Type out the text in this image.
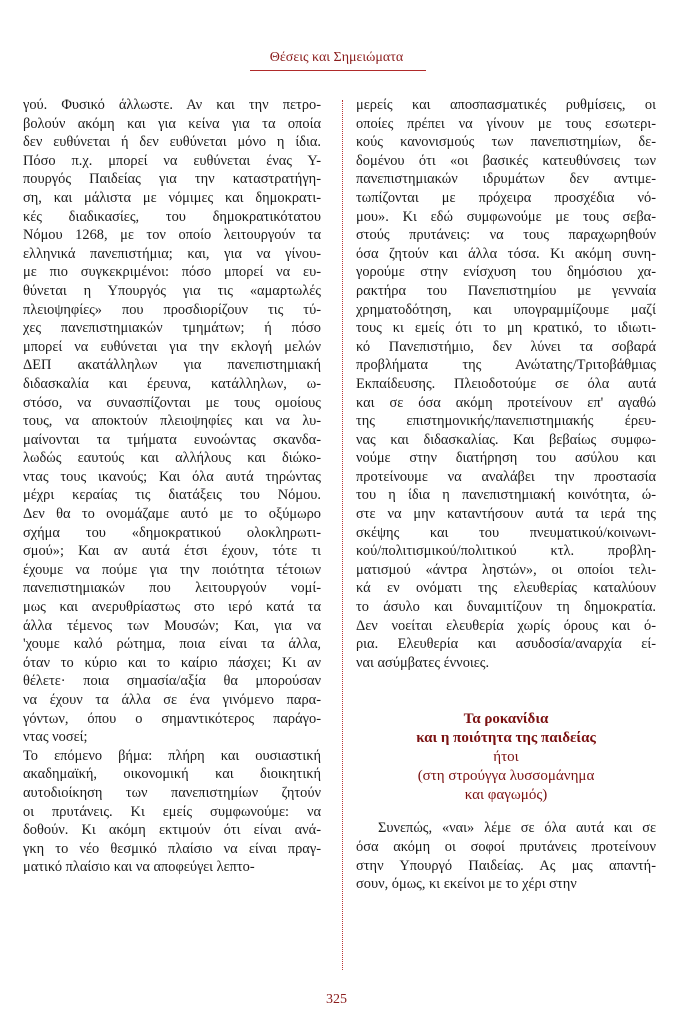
Θέσεις και Σημειώματα
γού. Φυσικό άλλωστε. Αν και την πετρο-
βολούν ακόμη και για κείνα για τα οποία
δεν ευθύνεται ή δεν ευθύνεται μόνο η ίδια.
Πόσο π.χ. μπορεί να ευθύνεται ένας Υ-
πουργός Παιδείας για την καταστρατήγη-
ση, και μάλιστα με νόμιμες και δημοκρατι-
κές διαδικασίες, του δημοκρατικότατου
Νόμου 1268, με τον οποίο λειτουργούν τα
ελληνικά πανεπιστήμια; και, για να γίνου-
με πιο συγκεκριμένοι: πόσο μπορεί να ευ-
θύνεται η Υπουργός για τις «αμαρτωλές
πλειοψηφίες» που προσδιορίζουν τις τύ-
χες πανεπιστημιακών τμημάτων; ή πόσο
μπορεί να ευθύνεται για την εκλογή μελών
ΔΕΠ ακατάλληλων για πανεπιστημιακή
διδασκαλία και έρευνα, κατάλληλων, ω-
στόσο, να συνασπίζονται με τους ομοίους
τους, να αποκτούν πλειοψηφίες και να λυ-
μαίνονται τα τμήματα ευνοώντας σκανδα-
λωδώς εαυτούς και αλλήλους και διώκο-
ντας τους ικανούς; Και όλα αυτά τηρώντας
μέχρι κεραίας τις διατάξεις του Νόμου.
Δεν θα το ονομάζαμε αυτό με το οξύμωρο
σχήμα του «δημοκρατικού ολοκληρωτι-
σμού»; Και αν αυτά έτσι έχουν, τότε τι
έχουμε να πούμε για την ποιότητα τέτοιων
πανεπιστημιακών που λειτουργούν νομί-
μως και ανερυθρίαστως στο ιερό κατά τα
άλλα τέμενος των Μουσών; Και, για να
'χουμε καλό ρώτημα, ποια είναι τα άλλα,
όταν το κύριο και το καίριο πάσχει; Κι αν
θέλετε· ποια σημασία/αξία θα μπορούσαν
να έχουν τα άλλα σε ένα γινόμενο παρα-
γόντων, όπου ο σημαντικότερος παράγο-
ντας νοσεί;
Το επόμενο βήμα: πλήρη και ουσιαστική
ακαδημαϊκή, οικονομική και διοικητική
αυτοδιοίκηση των πανεπιστημίων ζητούν
οι πρυτάνεις. Κι εμείς συμφωνούμε: να
δοθούν. Κι ακόμη εκτιμούν ότι είναι ανά-
γκη το νέο θεσμικό πλαίσιο να είναι πραγ-
ματικό πλαίσιο και να αποφεύγει λεπτο-
μερείς και αποσπασματικές ρυθμίσεις, οι
οποίες πρέπει να γίνουν με τους εσωτερι-
κούς κανονισμούς των πανεπιστημίων, δε-
δομένου ότι «οι βασικές κατευθύνσεις των
πανεπιστημιακών ιδρυμάτων δεν αντιμε-
τωπίζονται με πρόχειρα προσχέδια νό-
μου». Κι εδώ συμφωνούμε με τους σεβα-
στούς πρυτάνεις: να τους παραχωρηθούν
όσα ζητούν και άλλα τόσα. Κι ακόμη συνη-
γορούμε στην ενίσχυση του δημόσιου χα-
ρακτήρα του Πανεπιστημίου με γενναία
χρηματοδότηση, και υπογραμμίζουμε μαζί
τους κι εμείς ότι το μη κρατικό, το ιδιωτι-
κό Πανεπιστήμιο, δεν λύνει τα σοβαρά
προβλήματα της Ανώτατης/Τριτοβάθμιας
Εκπαίδευσης. Πλειοδοτούμε σε όλα αυτά
και σε όσα ακόμη προτείνουν επ' αγαθώ
της επιστημονικής/πανεπιστημιακής έρευ-
νας και διδασκαλίας. Και βεβαίως συμφω-
νούμε στην διατήρηση του ασύλου και
προτείνουμε να αναλάβει την προστασία
του η ίδια η πανεπιστημιακή κοινότητα, ώ-
στε να μην καταντήσουν αυτά τα ιερά της
σκέψης και του πνευματικού/κοινωνι-
κού/πολιτισμικού/πολιτικού κτλ. προβλη-
ματισμού «άντρα ληστών», οι οποίοι τελι-
κά εν ονόματι της ελευθερίας καταλύουν
το άσυλο και δυναμιτίζουν τη δημοκρατία.
Δεν νοείται ελευθερία χωρίς όρους και ό-
ρια. Ελευθερία και ασυδοσία/αναρχία εί-
ναι ασύμβατες έννοιες.
Τα ροκανίδια
και η ποιότητα της παιδείας
ήτοι
(στη στρούγγα λυσσομάνημα
και φαγωμός)
Συνεπώς, «ναι» λέμε σε όλα αυτά και σε
όσα ακόμη οι σοφοί πρυτάνεις προτείνουν
στην Υπουργό Παιδείας. Ας μας απαντή-
σουν, όμως, κι εκείνοι με το χέρι στην
325
